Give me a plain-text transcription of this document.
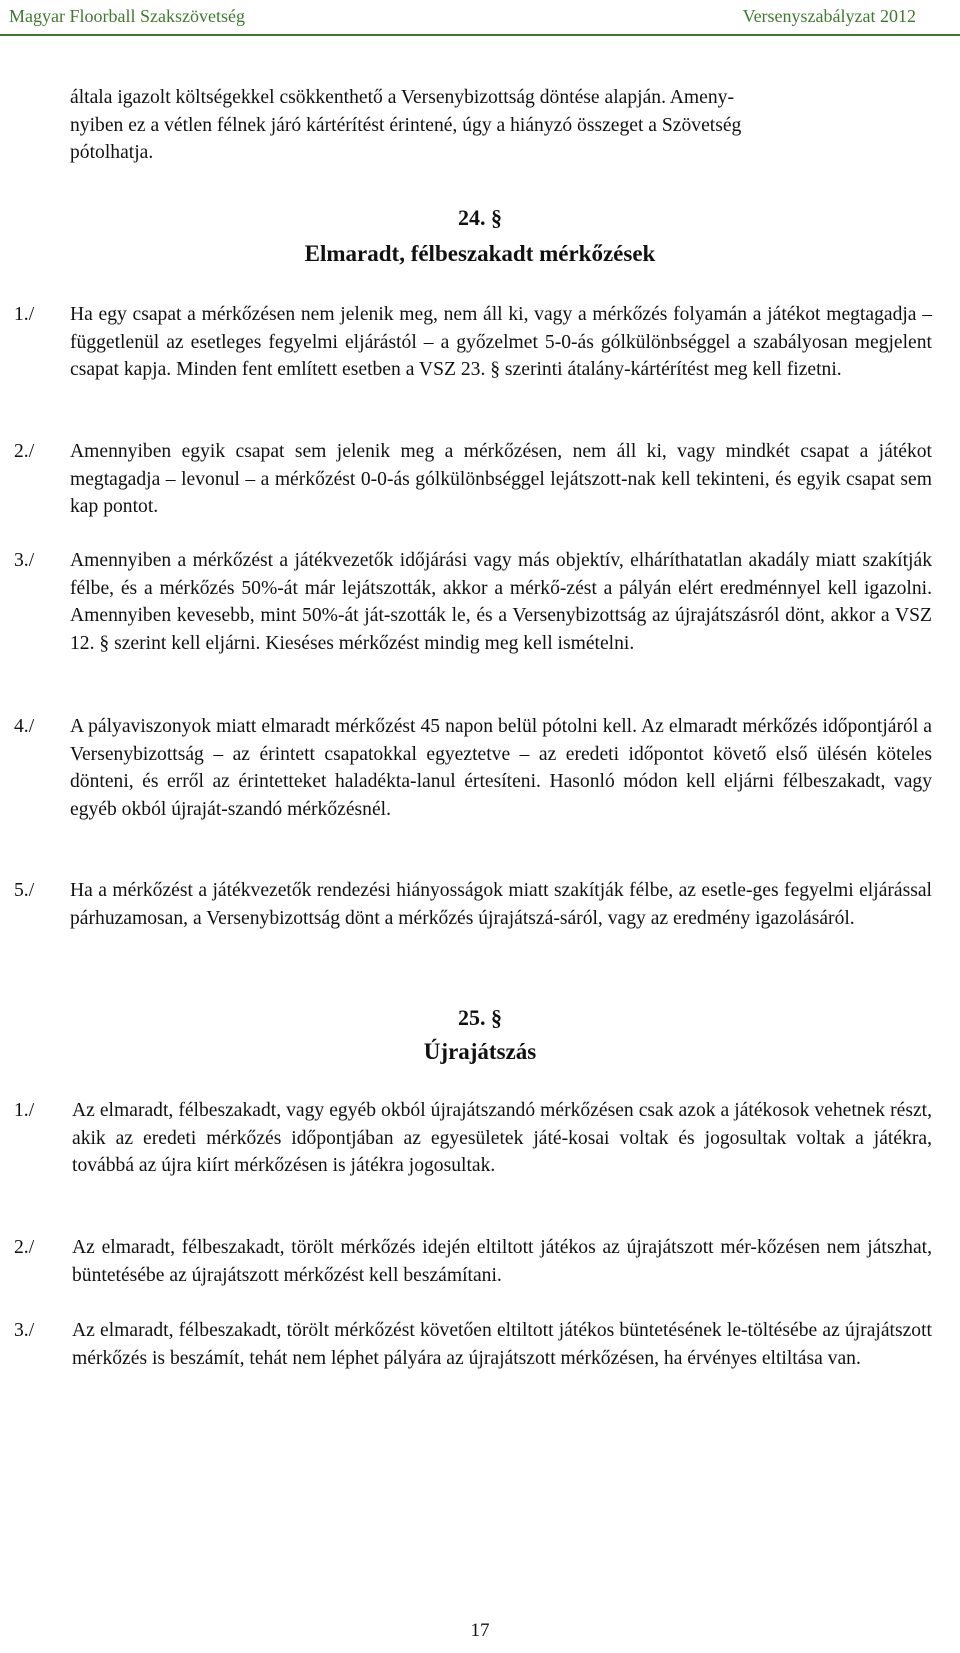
Magyar Floorball Szakszövetség	Versenyszabályzat 2012
általa igazolt költségekkel csökkenthető a Versenybizottság döntése alapján. Ameny-
nyiben ez a vétlen félnek járó kártérítést érintené, úgy a hiányzó összeget a Szövetség
pótolhatja.
24. §
Elmaradt, félbeszakadt mérkőzések
1./	Ha egy csapat a mérkőzésen nem jelenik meg, nem áll ki, vagy a mérkőzés folyamán a játékot megtagadja – függetlenül az esetleges fegyelmi eljárástól – a győzelmet 5-0-ás gólkülönbséggel a szabályosan megjelent csapat kapja. Minden fent említett esetben a VSZ 23. § szerinti átalány-kártérítést meg kell fizetni.
2./	Amennyiben egyik csapat sem jelenik meg a mérkőzésen, nem áll ki, vagy mindkét csapat a játékot megtagadja – levonul – a mérkőzést 0-0-ás gólkülönbséggel lejátszott-nak kell tekinteni, és egyik csapat sem kap pontot.
3./	Amennyiben a mérkőzést a játékvezetők időjárási vagy más objektív, elháríthatatlan akadály miatt szakítják félbe, és a mérkőzés 50%-át már lejátszották, akkor a mérkő-zést a pályán elért eredménnyel kell igazolni. Amennyiben kevesebb, mint 50%-át ját-szották le, és a Versenybizottság az újrajátszásról dönt, akkor a VSZ 12. § szerint kell eljárni. Kieséses mérkőzést mindig meg kell ismételni.
4./	A pályaviszonyok miatt elmaradt mérkőzést 45 napon belül pótolni kell. Az elmaradt mérkőzés időpontjáról a Versenybizottság – az érintett csapatokkal egyeztetve – az eredeti időpontot követő első ülésén köteles dönteni, és erről az érintetteket haladékta-lanul értesíteni. Hasonló módon kell eljárni félbeszakadt, vagy egyéb okból újraját-szandó mérkőzésnél.
5./	Ha a mérkőzést a játékvezetők rendezési hiányosságok miatt szakítják félbe, az esetle-ges fegyelmi eljárással párhuzamosan, a Versenybizottság dönt a mérkőzés újrajátszá-sáról, vagy az eredmény igazolásáról.
25. §
Újrajátszás
1./	Az elmaradt, félbeszakadt, vagy egyéb okból újrajátszandó mérkőzésen csak azok a játékosok vehetnek részt, akik az eredeti mérkőzés időpontjában az egyesületek játé-kosai voltak és jogosultak voltak a játékra, továbbá az újra kiírt mérkőzésen is játékra jogosultak.
2./	Az elmaradt, félbeszakadt, törölt mérkőzés idején eltiltott játékos az újrajátszott mér-kőzésen nem játszhat, büntetésébe az újrajátszott mérkőzést kell beszámítani.
3./	Az elmaradt, félbeszakadt, törölt mérkőzést követően eltiltott játékos büntetésének le-töltésébe az újrajátszott mérkőzés is beszámít, tehát nem léphet pályára az újrajátszott mérkőzésen, ha érvényes eltiltása van.
17
